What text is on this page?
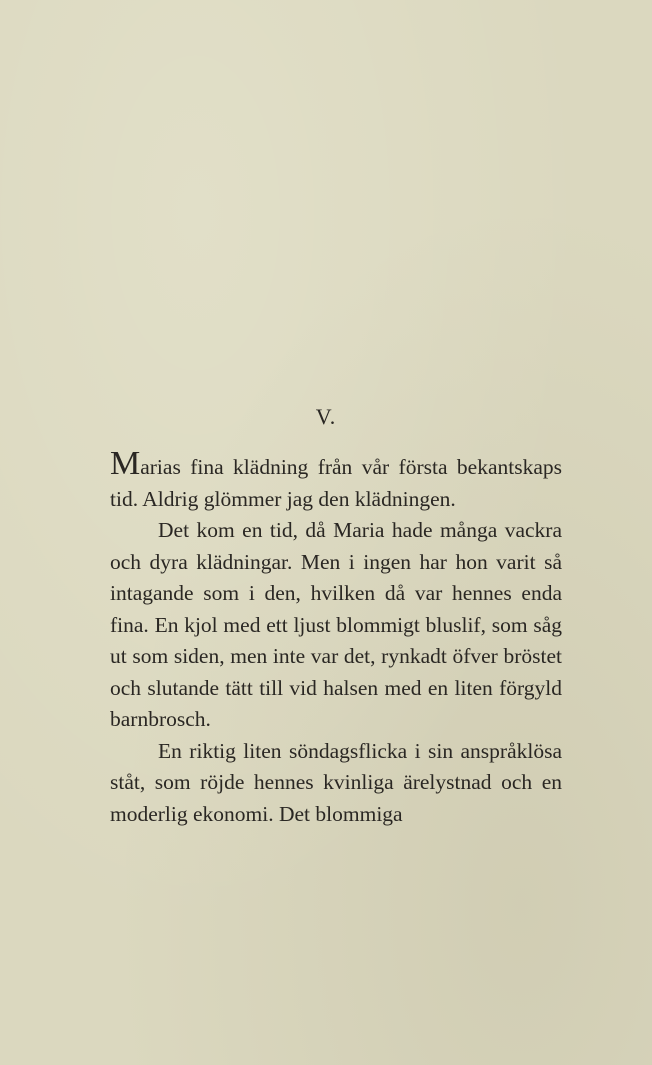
V.

Marias fina klädning från vår första bekantskaps tid. Aldrig glömmer jag den klädningen.

Det kom en tid, då Maria hade många vackra och dyra klädningar. Men i ingen har hon varit så intagande som i den, hvilken då var hennes enda fina. En kjol med ett ljust blommigt bluslif, som såg ut som siden, men inte var det, rynkadt öfver bröstet och slutande tätt till vid halsen med en liten förgyld barnbrosch.

En riktig liten söndagsflicka i sin anspråklösa ståt, som röjde hennes kvinliga ärelystnad och en moderlig ekonomi. Det blommiga
